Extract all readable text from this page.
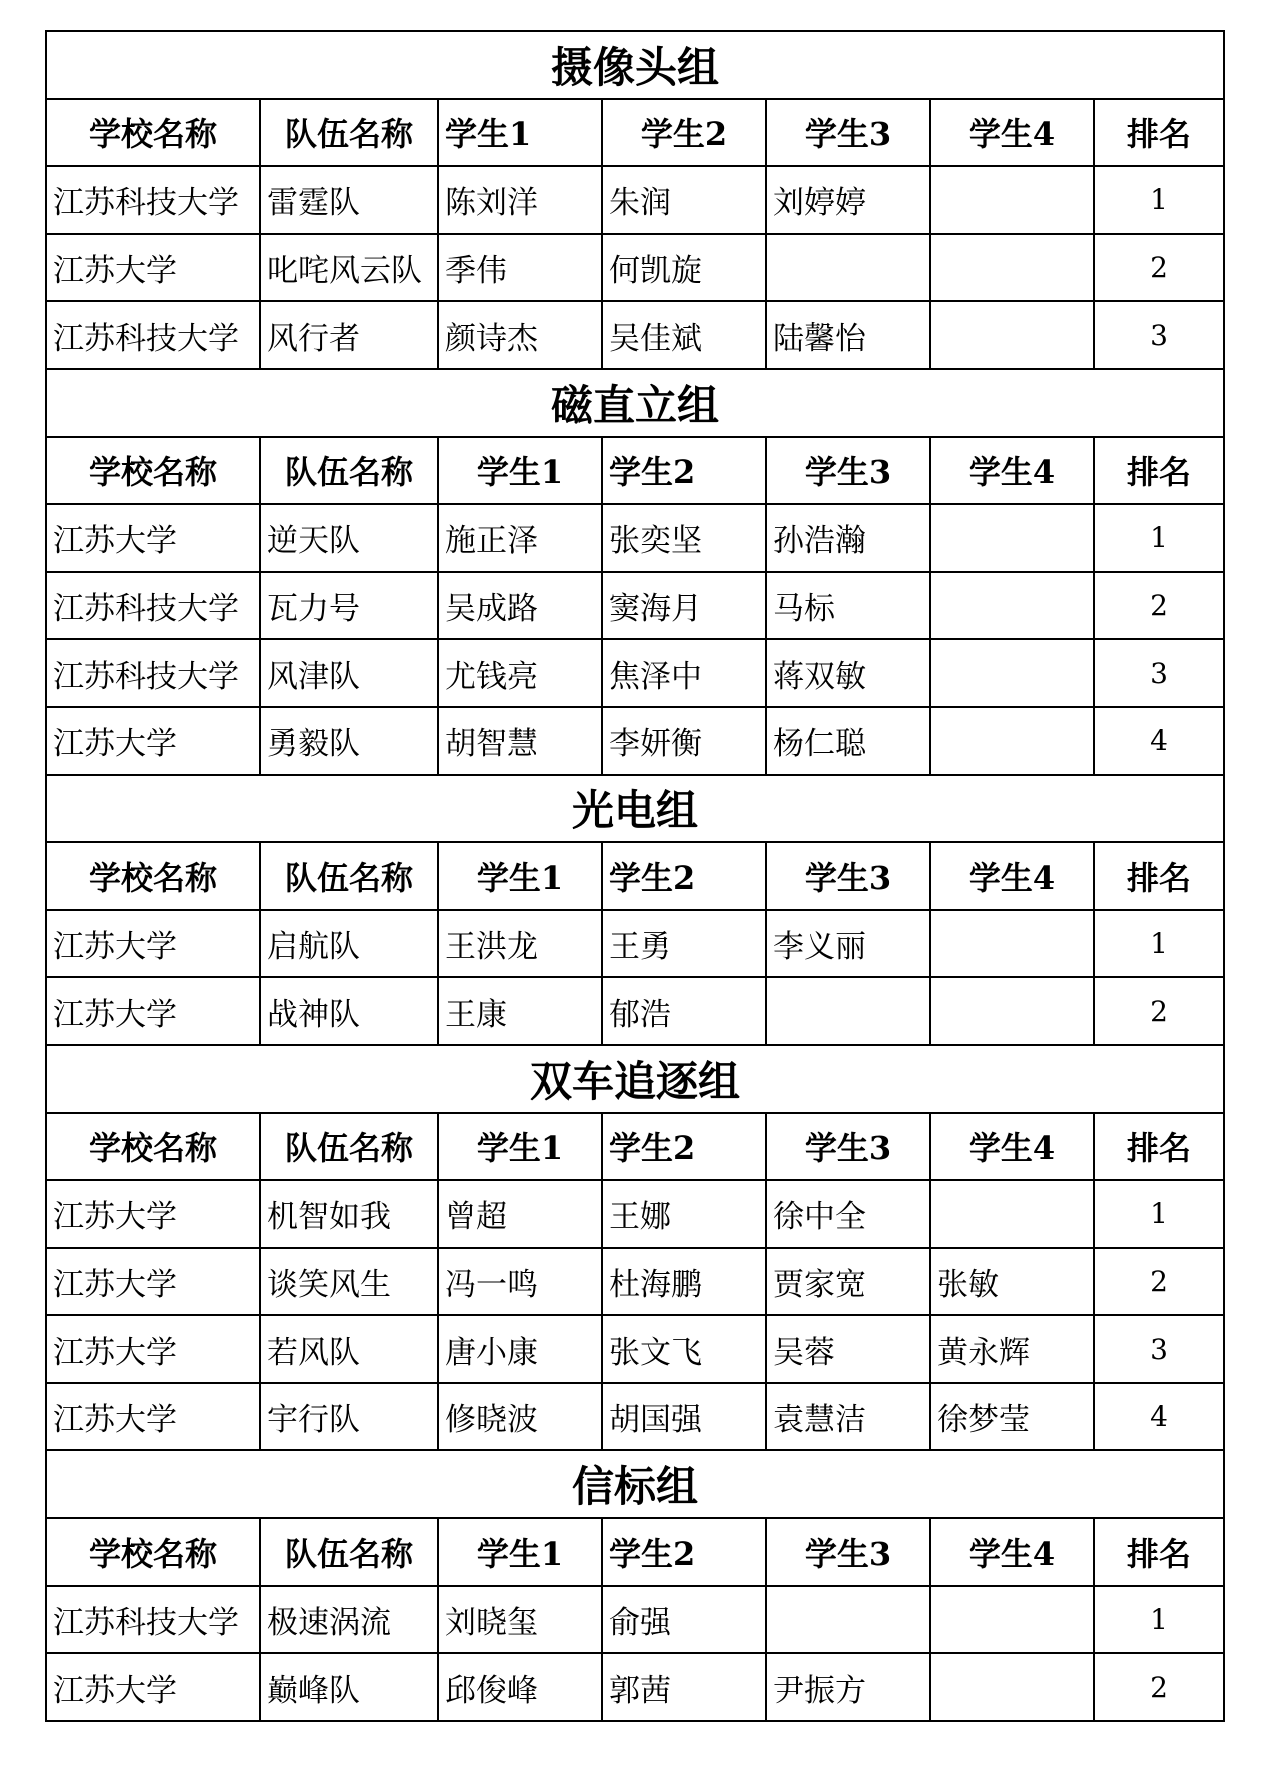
摄像头组						
学校名称	队伍名称	学生1	学生2	学生3	学生4	排名
江苏科技大学	雷霆队	陈刘洋	朱润	刘婷婷		1
江苏大学	叱咤风云队	季伟	何凯旋			2
江苏科技大学	风行者	颜诗杰	吴佳斌	陆馨怡		3
磁直立组						
学校名称	队伍名称	学生1	学生2	学生3	学生4	排名
江苏大学	逆天队	施正泽	张奕坚	孙浩瀚		1
江苏科技大学	瓦力号	吴成路	窦海月	马标		2
江苏科技大学	风津队	尤钱亮	焦泽中	蒋双敏		3
江苏大学	勇毅队	胡智慧	李妍衡	杨仁聪		4
光电组						
学校名称	队伍名称	学生1	学生2	学生3	学生4	排名
江苏大学	启航队	王洪龙	王勇	李义丽		1
江苏大学	战神队	王康	郁浩			2
双车追逐组						
学校名称	队伍名称	学生1	学生2	学生3	学生4	排名
江苏大学	机智如我	曾超	王娜	徐中全		1
江苏大学	谈笑风生	冯一鸣	杜海鹏	贾家宽	张敏	2
江苏大学	若风队	唐小康	张文飞	吴蓉	黄永辉	3
江苏大学	宇行队	修晓波	胡国强	袁慧洁	徐梦莹	4
信标组						
学校名称	队伍名称	学生1	学生2	学生3	学生4	排名
江苏科技大学	极速涡流	刘晓玺	俞强			1
江苏大学	巅峰队	邱俊峰	郭茜	尹振方		2
